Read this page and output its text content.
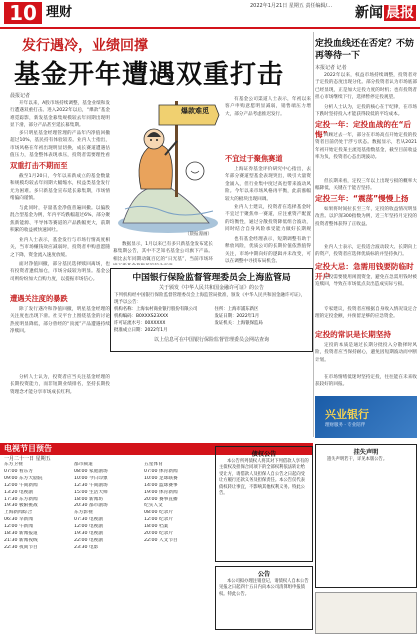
10 理财	2022年1月21日 星期五 责任编辑/…	新闻 晨报
发行遇冷，业绩回撑
基金开年遭遇双重打击
晨报记者
开年以来，A股市场持续调整，基金业绩和发行遭遇双重打击。进入2022年以后，“爆款”基金难觅踪影，新发基金募集规模较去年同期出现明显下滑，部分产品甚至延长募集期。
多只明星基金经理管理的产品年内净值回撤超过10%，基民持有体验较差。业内人士指出，市场风格在年初出现明显切换，成长赛道遭遇估值压力，基金整体表现承压，投资者需要理性看
双重打击不期而至
截至1月20日，今年以来新成立的基金数量和规模均较去年同期大幅缩水，权益类基金发行尤为困难。多只新基金宣布延长募集期，市场情绪偏向谨慎。
与此同时，存量基金净值普遍回撤。以偏股混合型基金为例，年内平均跌幅超过6%，部分聚焦新能源、半导体等赛道的产品跌幅更大，前期积累的收益被快速回吐。
业内人士表示，基金发行与市场行情高度相关，当市场赚钱效应减弱时，投资者申购意愿随之下降，资金流入速度放缓。
面对净值回撤，部分基民选择赎回离场，也有投资者逢低加仓，市场分歧较为明显。基金公司则纷纷加大自购力度，以提振市场信心。
遭遇关注度的暴跌
除了发行遇冷和净值回撤，明星基金经理的关注度也出现下滑。社交平台上围绕基金的讨论热度明显降低，部分曾经的“顶流”产品遭遇持续净赎回。
分析人士认为，投资者应当关注基金经理的长期投资能力，而非短期业绩排名，坚持长期投资理念才能分享市场成长红利。
爆款难觅
（晨报漫画）
数据显示，1月以来已有多只新基金发布延长募集期公告，其中不乏知名基金公司旗下产品。相比去年同期动辄百亿的“日光基”，当前市场环
有基金公司渠道人士表示，年初以来客户申购意愿明显减弱，销售端压力增大，部分产品考虑推迟发行。
不宜过于聚焦赛道
上海证券基金评价研究中心指出，去年部分赛道型基金表现突出，吸引大量资金涌入，但行业集中度过高也带来波动风险。今年以来市场风格再平衡，此前涨幅较大的板块出现回调。
业内人士建议，投资者在选择基金时不宜过于聚焦单一赛道，应注重资产配置的均衡性，通过分散投资降低组合波动，同时结合自身风险承受能力做好长期规
也有基金经理表示，短期调整有助于释放风险，优质公司的长期价值依然值得关注，市场中期向好的逻辑并未改变，可以在调整中寻找布局机会。
中国银行保险监督管理委员会上海监管局
关于颁发《中华人民共和国金融许可证》的公告
下列机构经中国银行保险监督管理委员会上海监管局批准，颁发《中华人民共和国金融许可证》，现予以公告：

机构名称：上海农村商业银行股份有限公司

机构编码：B0XXXS23XXX

许可证流水号：00XXXXX

批准成立日期：2022年1月

住所：上海市浦东新区

发证日期：2022年1月

发证机关：上海银保监局

以上信息可在中国银行保险监督管理委员会网站查询
定投血线还在否定？不妨再等待一下
本报记者 记者
2022年以来，权益市场持续调整，投资者对于定投的态度出现分化。部分投资者认为市场底部已经显现，正是加大定投力度的时机；也有投资者担心市场继续下行，选择暂停定投观望。
分析人士认为，定投的核心在于纪律，在市场下跌时坚持投入才能获得较低的平均成本。
定投一年：定投血战的在“后悔”
回顾过去一年，部分在市场高点开始定投的投资者目前仍处于浮亏状态。数据显示，若从2021年初开始定投某主流宽基指数基金，截至目前收益率为负，投资者心态出现波动。
但长期来看，定投三年以上出现亏损的概率大幅降低，关键在于能否坚持。
定投三年：“震荡”慢慢上扬
如果将时间拉长至三年，定投的收益情况明显改善。以沪深300指数为例，近三年坚持月定投的投资者整体获得了正收益。
业内人士表示，定投适合波动较大、长期向上的资产，投资者应选择优质标的并坚持执行。
定投大忌：急需用钱要防临时开户
定投需要使用闲置资金，避免在急需用钱时被迫赎回，导致在市场低点卖出造成实际亏损。
专家建议，投资者应根据自身收入情况设定合理的定投金额，并预留足够的应急资金。
定投的常识是长期坚持
定投的本质是通过长期分批投入分散择时风险，投资者应当保持耐心，避免因短期波动而中断计划。
在市场情绪低迷时坚持定投，往往能在未来收获较好的回报。
兴业银行
理财服务 · 专业陪伴
电视节目预告
一月二十一日 星期五
东方卫视
07:00 看东方
09:00 东方大剧院
12:00 午间新闻
13:20 电视剧
17:30 东方新闻
19:30 极限挑战
上海新闻综合
06:30 早新闻
12:00 午新闻
18:30 新闻报道
21:30 新闻夜线
22:30 夜间节目
都市频道
08:00 家庭剧场
10:00 今日印象
12:30 午间剧场
15:00 生活大师
18:00 新闻坊
20:30 都市剧场
东方影视
07:30 电视剧
12:00 电视剧
19:30 电视剧
22:00 电视剧
23:30 电影
五星体育
07:00 体育新闻
10:00 足球联赛
14:00 篮球赛事
19:00 体育新闻
20:00 赛事直播
纪实人文
08:00 纪录片
12:00 纪录片
18:00 档案
20:00 纪录片
22:00 人文节目
债权公告
本公告所列债权人将其对下列借款人享有的主债权及担保合同项下的全部权利依法转让给受让方，请借款人及担保人自公告之日起向受让方履行还款义务及担保责任。本公告仅代表债权转让事宜，不影响其他权利义务。特此公告。
公告
本公司拟办理注销登记，请债权人自本公告见报之日起四十五日内向本公司清算组申报债权。特此公告。
挂失声明
遗失声明若干，详见本版公告。
